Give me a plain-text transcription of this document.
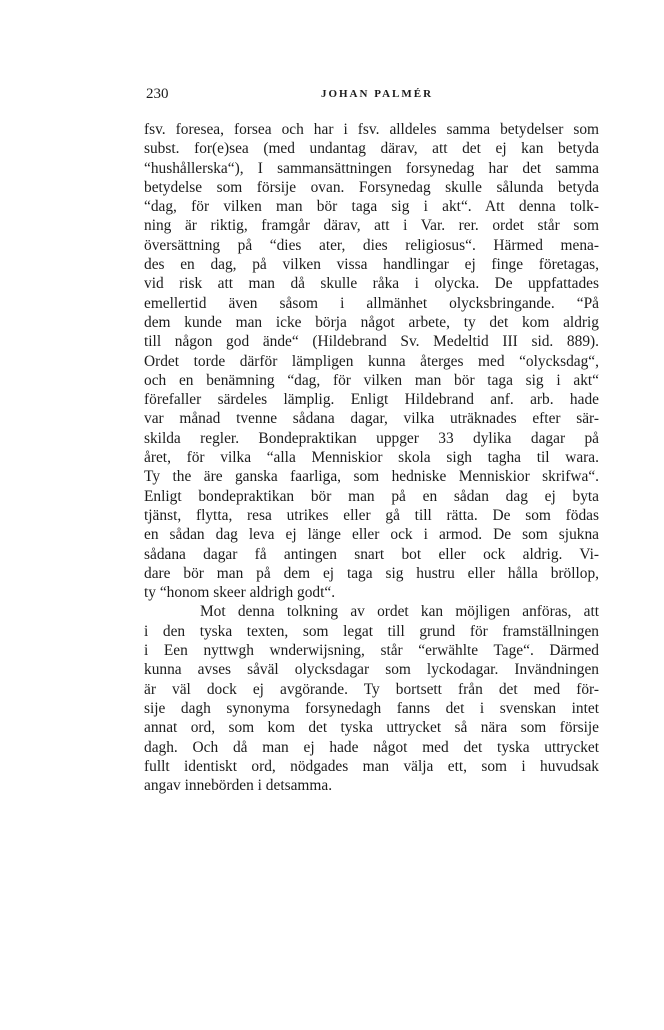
230	JOHAN PALMÉR
fsv. foresea, forsea och har i fsv. alldeles samma betydelser som
subst. for(e)sea (med undantag därav, att det ej kan betyda
“hushållerska“), I sammansättningen forsynedag har det samma
betydelse som försije ovan. Forsynedag skulle sålunda betyda
“dag, för vilken man bör taga sig i akt“. Att denna tolk-
ning är riktig, framgår därav, att i Var. rer. ordet står som
översättning på “dies ater, dies religiosus“. Härmed mena-
des en dag, på vilken vissa handlingar ej finge företagas,
vid risk att man då skulle råka i olycka. De uppfattades
emellertid även såsom i allmänhet olycksbringande. “På
dem kunde man icke börja något arbete, ty det kom aldrig
till någon god ände“ (Hildebrand Sv. Medeltid III sid. 889).
Ordet torde därför lämpligen kunna återges med “olycksdag“,
och en benämning “dag, för vilken man bör taga sig i akt“
förefaller särdeles lämplig. Enligt Hildebrand anf. arb. hade
var månad tvenne sådana dagar, vilka uträknades efter sär-
skilda regler. Bondepraktikan uppger 33 dylika dagar på
året, för vilka “alla Menniskior skola sigh tagha til wara.
Ty the äre ganska faarliga, som hedniske Menniskior skrifwa“.
Enligt bondepraktikan bör man på en sådan dag ej byta
tjänst, flytta, resa utrikes eller gå till rätta. De som födas
en sådan dag leva ej länge eller ock i armod. De som sjukna
sådana dagar få antingen snart bot eller ock aldrig. Vi-
dare bör man på dem ej taga sig hustru eller hålla bröllop,
ty “honom skeer aldrigh godt“.
Mot denna tolkning av ordet kan möjligen anföras, att
i den tyska texten, som legat till grund för framställningen
i Een nyttwgh wnderwijsning, står “erwählte Tage“. Därmed
kunna avses såväl olycksdagar som lyckodagar. Invändningen
är väl dock ej avgörande. Ty bortsett från det med för-
sije dagh synonyma forsynedagh fanns det i svenskan intet
annat ord, som kom det tyska uttrycket så nära som försije
dagh. Och då man ej hade något med det tyska uttrycket
fullt identiskt ord, nödgades man välja ett, som i huvudsak
angav innebörden i detsamma.
